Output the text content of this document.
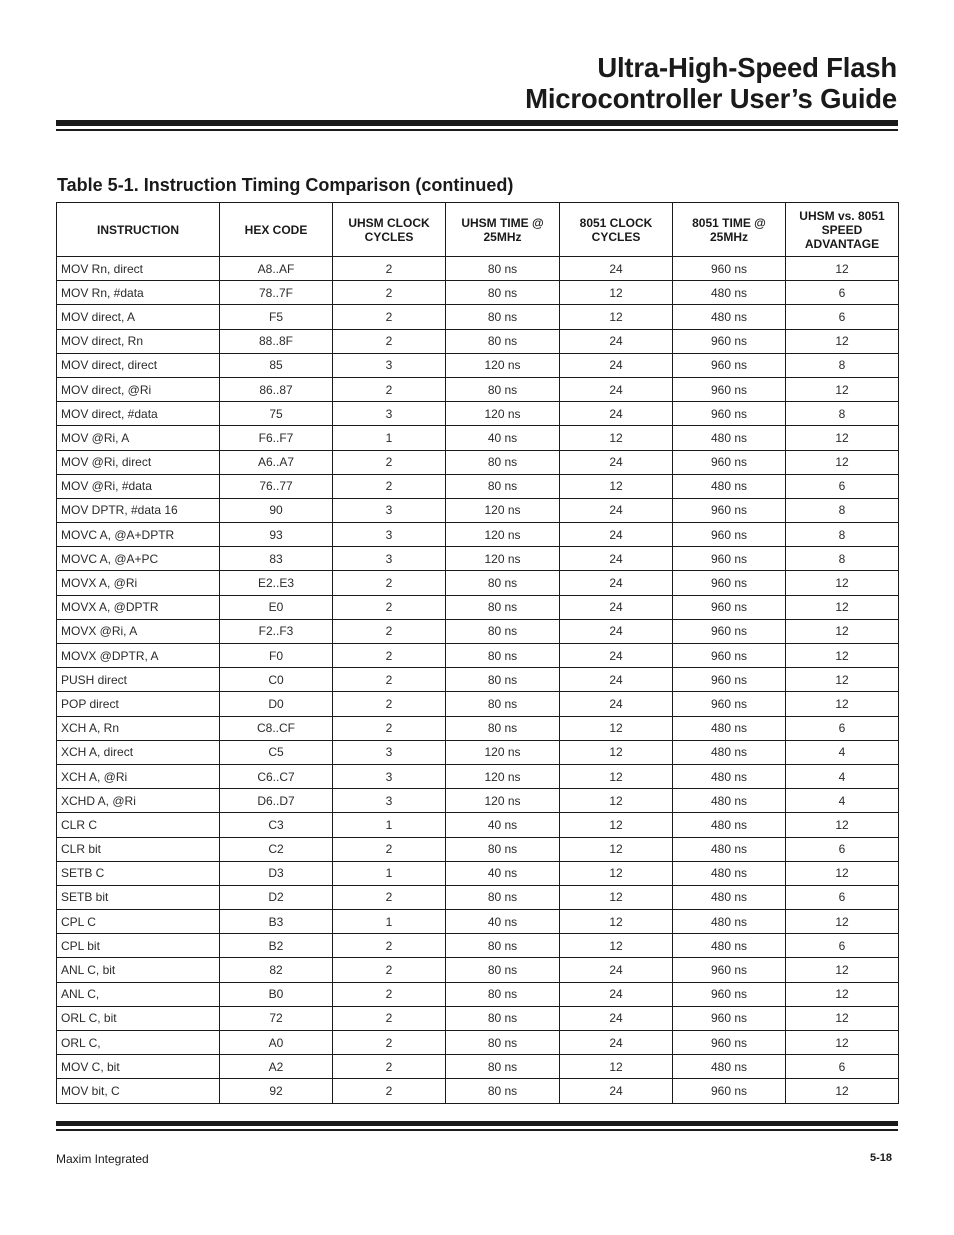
Ultra-High-Speed Flash
Microcontroller User’s Guide
Table 5-1. Instruction Timing Comparison (continued)
INSTRUCTION	HEX CODE	UHSM CLOCK CYCLES	UHSM TIME @ 25MHz	8051 CLOCK CYCLES	8051 TIME @ 25MHz	UHSM vs. 8051 SPEED ADVANTAGE
MOV Rn, direct	A8..AF	2	80 ns	24	960 ns	12
MOV Rn, #data	78..7F	2	80 ns	12	480 ns	6
MOV direct, A	F5	2	80 ns	12	480 ns	6
MOV direct, Rn	88..8F	2	80 ns	24	960 ns	12
MOV direct, direct	85	3	120 ns	24	960 ns	8
MOV direct, @Ri	86..87	2	80 ns	24	960 ns	12
MOV direct, #data	75	3	120 ns	24	960 ns	8
MOV @Ri, A	F6..F7	1	40 ns	12	480 ns	12
MOV @Ri, direct	A6..A7	2	80 ns	24	960 ns	12
MOV @Ri, #data	76..77	2	80 ns	12	480 ns	6
MOV DPTR, #data 16	90	3	120 ns	24	960 ns	8
MOVC A, @A+DPTR	93	3	120 ns	24	960 ns	8
MOVC A, @A+PC	83	3	120 ns	24	960 ns	8
MOVX A, @Ri	E2..E3	2	80 ns	24	960 ns	12
MOVX A, @DPTR	E0	2	80 ns	24	960 ns	12
MOVX @Ri, A	F2..F3	2	80 ns	24	960 ns	12
MOVX @DPTR, A	F0	2	80 ns	24	960 ns	12
PUSH direct	C0	2	80 ns	24	960 ns	12
POP direct	D0	2	80 ns	24	960 ns	12
XCH A, Rn	C8..CF	2	80 ns	12	480 ns	6
XCH A, direct	C5	3	120 ns	12	480 ns	4
XCH A, @Ri	C6..C7	3	120 ns	12	480 ns	4
XCHD A, @Ri	D6..D7	3	120 ns	12	480 ns	4
CLR C	C3	1	40 ns	12	480 ns	12
CLR bit	C2	2	80 ns	12	480 ns	6
SETB C	D3	1	40 ns	12	480 ns	12
SETB bit	D2	2	80 ns	12	480 ns	6
CPL C	B3	1	40 ns	12	480 ns	12
CPL bit	B2	2	80 ns	12	480 ns	6
ANL C, bit	82	2	80 ns	24	960 ns	12
ANL C,	B0	2	80 ns	24	960 ns	12
ORL C, bit	72	2	80 ns	24	960 ns	12
ORL C,	A0	2	80 ns	24	960 ns	12
MOV C, bit	A2	2	80 ns	12	480 ns	6
MOV bit, C	92	2	80 ns	24	960 ns	12
Maxim Integrated	5-18
